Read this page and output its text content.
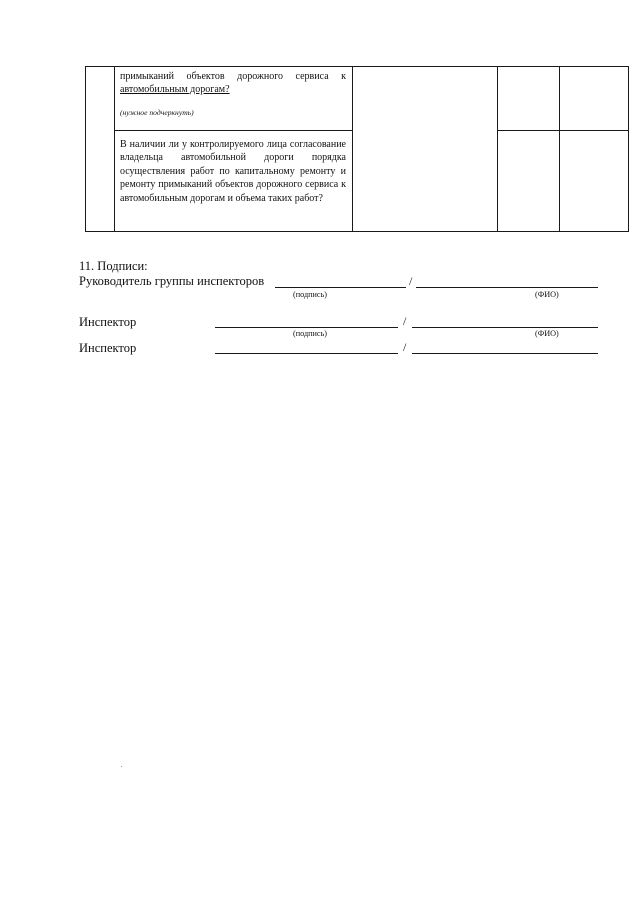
примыканий объектов дорожного сервиса к
автомобильным дорогам?
(нужное подчеркнуть)
В наличии ли у контролируемого лица согласование владельца автомобильной дороги порядка осуществления работ по капитальному ремонту и ремонту примыканий объектов дорожного сервиса к автомобильным дорогам и объема таких работ?
11. Подписи:
Руководитель группы инспекторов	/
(подпись)	(ФИО)
Инспектор	/
(подпись)	(ФИО)
Инспектор	/
